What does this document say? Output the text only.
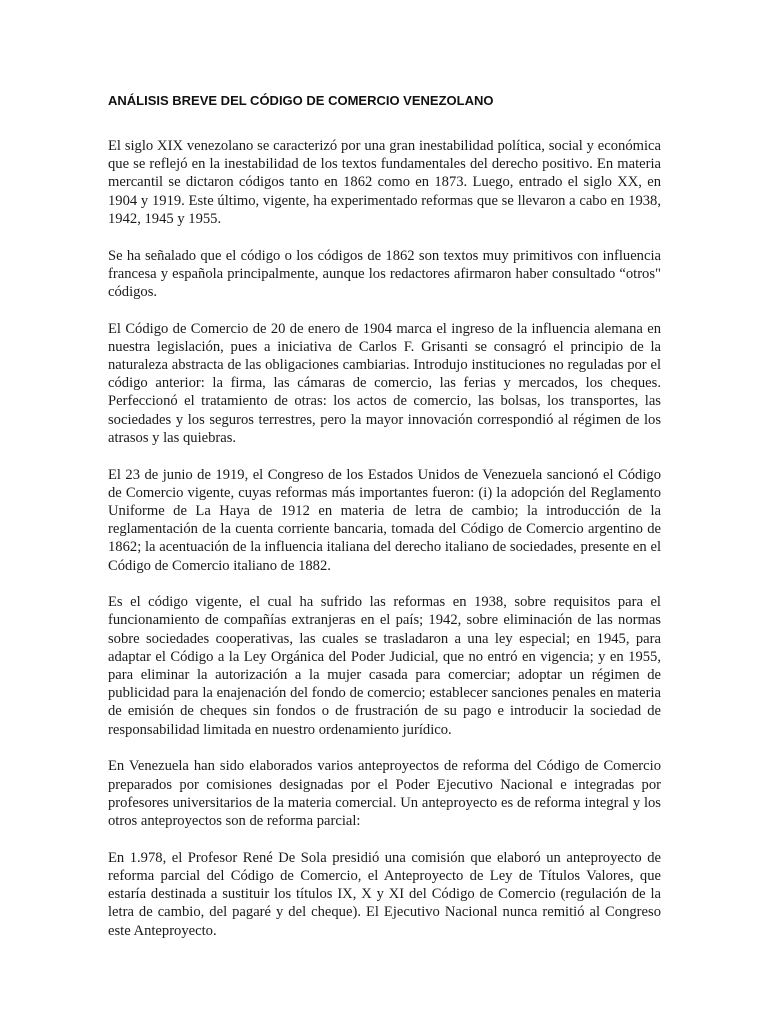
ANÁLISIS BREVE DEL CÓDIGO DE COMERCIO VENEZOLANO

El siglo XIX venezolano se caracterizó por una gran inestabilidad política, social y económica que se reflejó en la inestabilidad de los textos fundamentales del derecho positivo. En materia mercantil se dictaron códigos tanto en 1862 como en 1873. Luego, entrado el siglo XX, en 1904 y 1919. Este último, vigente, ha experimentado reformas que se llevaron a cabo en 1938, 1942, 1945 y 1955.

Se ha señalado que el código o los códigos de 1862 son textos muy primitivos con influencia francesa y española principalmente, aunque los redactores afirmaron haber consultado “otros" códigos.

El Código de Comercio de 20 de enero de 1904 marca el ingreso de la influencia alemana en nuestra legislación, pues a iniciativa de Carlos F. Grisanti se consagró el principio de la naturaleza abstracta de las obligaciones cambiarias. Introdujo instituciones no reguladas por el código anterior: la firma, las cámaras de comercio, las ferias y mercados, los cheques. Perfeccionó el tratamiento de otras: los actos de comercio, las bolsas, los transportes, las sociedades y los seguros terrestres, pero la mayor innovación correspondió al régimen de los atrasos y las quiebras.

El 23 de junio de 1919, el Congreso de los Estados Unidos de Venezuela sancionó el Código de Comercio vigente, cuyas reformas más importantes fueron: (i) la adopción del Reglamento Uniforme de La Haya de 1912 en materia de letra de cambio; la introducción de la reglamentación de la cuenta corriente bancaria, tomada del Código de Comercio argentino de 1862; la acentuación de la influencia italiana del derecho italiano de sociedades, presente en el Código de Comercio italiano de 1882.

Es el código vigente, el cual ha sufrido las reformas en 1938, sobre requisitos para el funcionamiento de compañías extranjeras en el país; 1942, sobre eliminación de las normas sobre sociedades cooperativas, las cuales se trasladaron a una ley especial; en 1945, para adaptar el Código a la Ley Orgánica del Poder Judicial, que no entró en vigencia; y en 1955, para eliminar la autorización a la mujer casada para comerciar; adoptar un régimen de publicidad para la enajenación del fondo de comercio; establecer sanciones penales en materia de emisión de cheques sin fondos o de frustración de su pago e introducir la sociedad de responsabilidad limitada en nuestro ordenamiento jurídico.

En Venezuela han sido elaborados varios anteproyectos de reforma del Código de Comercio preparados por comisiones designadas por el Poder Ejecutivo Nacional e integradas por profesores universitarios de la materia comercial. Un anteproyecto es de reforma integral y los otros anteproyectos son de reforma parcial:

En 1.978, el Profesor René De Sola presidió una comisión que elaboró un anteproyecto de reforma parcial del Código de Comercio, el Anteproyecto de Ley de Títulos Valores, que estaría destinada a sustituir los títulos IX, X y XI del Código de Comercio (regulación de la letra de cambio, del pagaré y del cheque). El Ejecutivo Nacional nunca remitió al Congreso este Anteproyecto.
